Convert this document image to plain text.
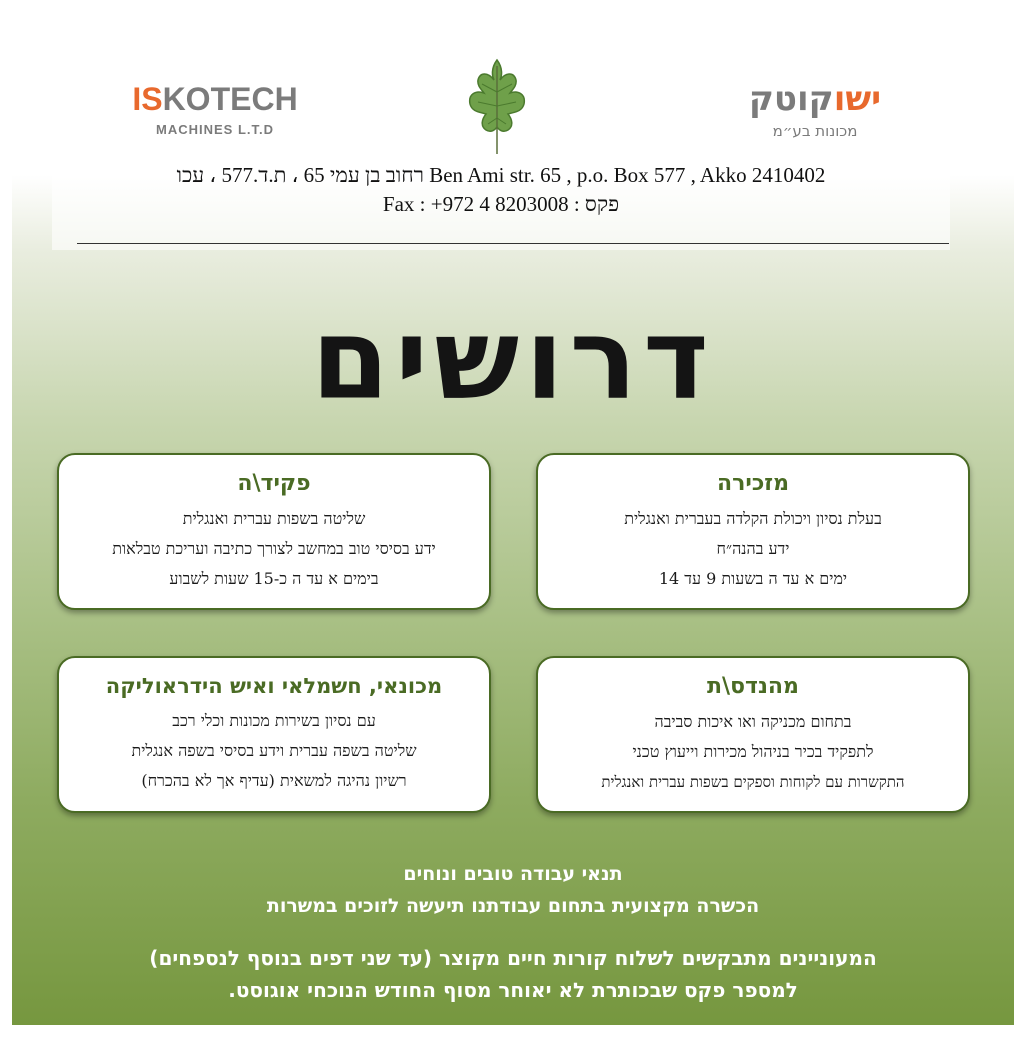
ISKOTECH
MACHINES L.T.D
ישוקוטק
מכונות בע״מ
רחוב בן עמי 65 ، ת.ד.577 ، עכו Ben Ami str. 65 , p.o. Box 577 , Akko 2410402
Fax : +972 4 8203008 : פקס
דרושים
מזכירה
בעלת נסיון ויכולת הקלדה בעברית ואנגלית
ידע בהנה״ח
ימים א עד ה בשעות 9 עד 14
פקיד\ה
שליטה בשפות עברית ואנגלית
ידע בסיסי טוב במחשב לצורך כתיבה ועריכת טבלאות
בימים א עד ה כ-15 שעות לשבוע
מהנדס\ת
בתחום מכניקה ואו איכות סביבה
לתפקיד בכיר בניהול מכירות וייעוץ טכני
התקשרות עם לקוחות וספקים בשפות עברית ואנגלית
מכונאי, חשמלאי ואיש הידראוליקה
עם נסיון בשירות מכונות וכלי רכב
שליטה בשפה עברית וידע בסיסי בשפה אנגלית
רשיון נהיגה למשאית (עדיף אך לא בהכרח)
תנאי עבודה טובים ונוחים
הכשרה מקצועית בתחום עבודתנו תיעשה לזוכים במשרות
המעוניינים מתבקשים לשלוח קורות חיים מקוצר (עד שני דפים בנוסף לנספחים)
למספר פקס שבכותרת לא יאוחר מסוף החודש הנוכחי אוגוסט.
